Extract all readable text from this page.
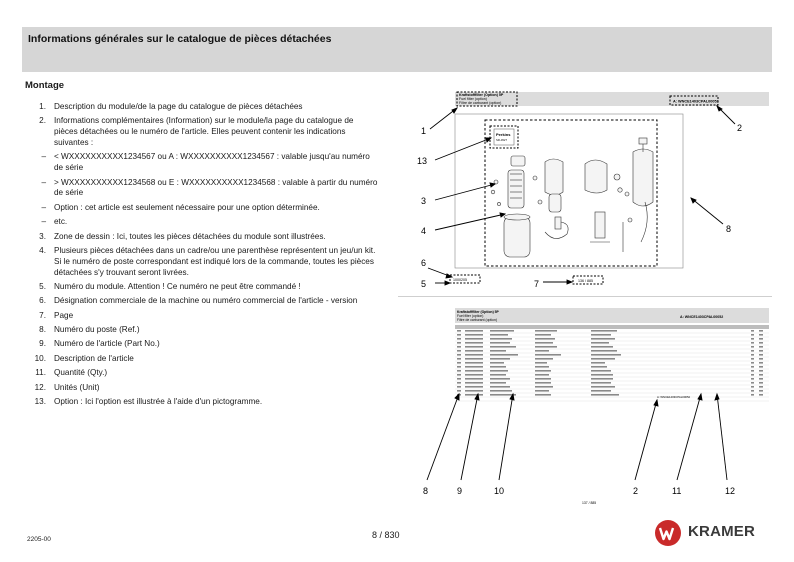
Informations générales sur le catalogue de pièces détachées
Montage
1. Description du module/de la page du catalogue de pièces détachées
2. Informations complémentaires (Information) sur le module/la page du catalogue de pièces détachées ou le numéro de l'article. Elles peuvent contenir les indications suivantes :
– < WXXXXXXXXXX1234567 ou A : WXXXXXXXXXX1234567 : valable jusqu'au numéro de série
– > WXXXXXXXXXX1234568 ou E : WXXXXXXXXXX1234568 : valable à partir du numéro de série
– Option : cet article est seulement nécessaire pour une option déterminée.
– etc.
3. Zone de dessin : Ici, toutes les pièces détachées du module sont illustrées.
4. Plusieurs pièces détachées dans un cadre/ou une parenthèse représentent un jeu/un kit. Si le numéro de poste correspondant est indiqué lors de la commande, toutes les pièces détachées s'y trouvant seront livrées.
5. Numéro du module. Attention ! Ce numéro ne peut être commandé !
6. Désignation commerciale de la machine ou numéro commercial de l'article - version
7. Page
8. Numéro du poste (Ref.)
9. Numéro de l'article (Part No.)
10. Description de l'article
11. Quantité (Qty.)
12. Unités (Unit)
13. Option : Ici l'option est illustrée à l'aide d'un pictogramme.
Kraftstofffilter (Option) 5P
Fuel filter (option)
Filtre de carburant (option)	A: WNCE1403CPAL00052
Perkins
SR-4527
1000205	136 / 885
1	2
13
3
4	8
6
5	7
Kraftstofffilter (Option) 5P
Fuel filter (option)
Filtre de carburant (option)
A: WNCE1403CPAL00052
A: WNCE1403CPAL00052
137 / 885
8	9	10	2	11	12
8 / 830
2205-00	KRAMER
